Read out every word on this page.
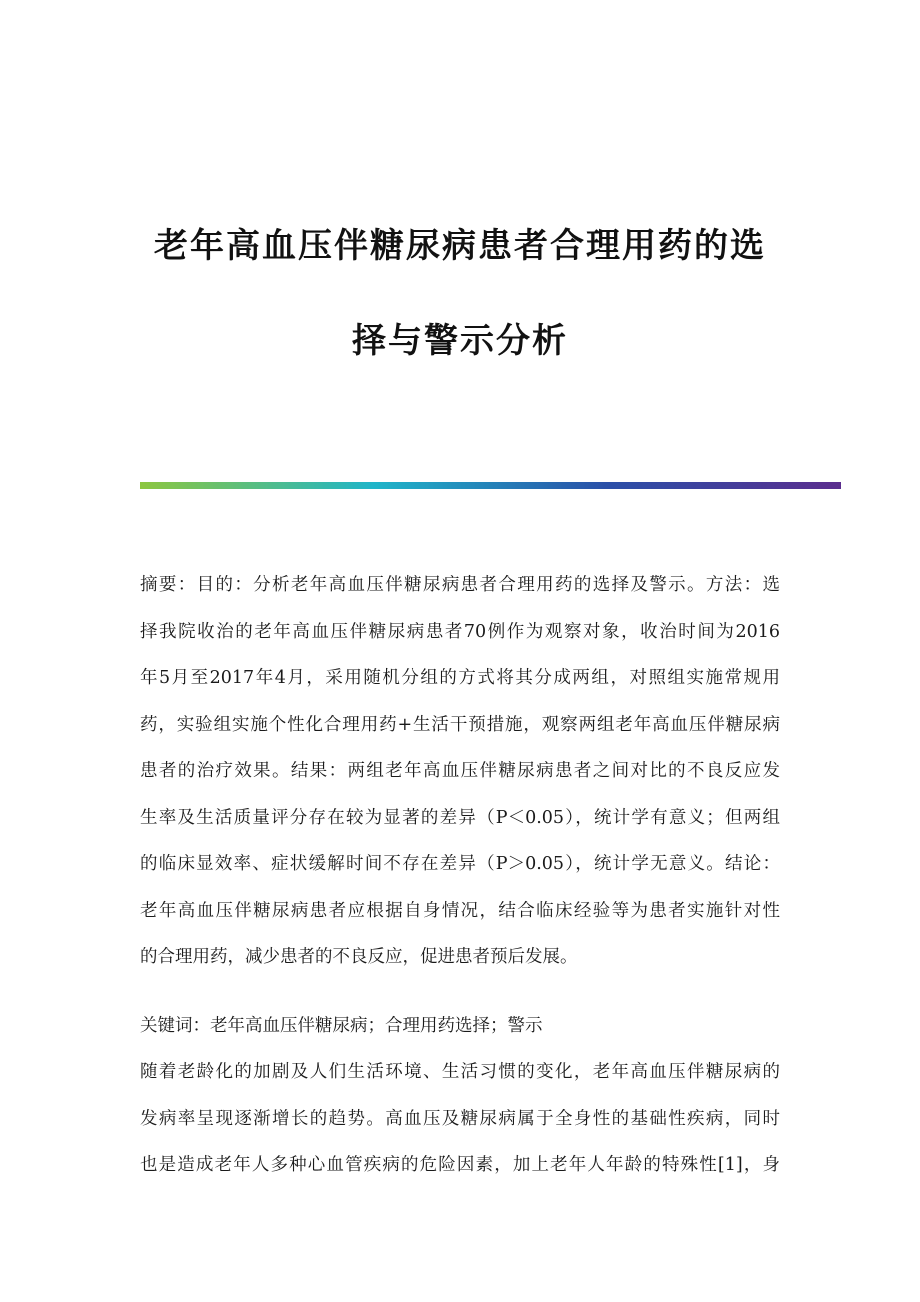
老年高血压伴糖尿病患者合理用药的选
择与警示分析
摘要：目的：分析老年高血压伴糖尿病患者合理用药的选择及警示。方法：选
择我院收治的老年高血压伴糖尿病患者70例作为观察对象，收治时间为2016
年5月至2017年4月，采用随机分组的方式将其分成两组，对照组实施常规用
药，实验组实施个性化合理用药+生活干预措施，观察两组老年高血压伴糖尿病
患者的治疗效果。结果：两组老年高血压伴糖尿病患者之间对比的不良反应发
生率及生活质量评分存在较为显著的差异（P＜0.05），统计学有意义；但两组
的临床显效率、症状缓解时间不存在差异（P＞0.05），统计学无意义。结论：
老年高血压伴糖尿病患者应根据自身情况，结合临床经验等为患者实施针对性
的合理用药，减少患者的不良反应，促进患者预后发展。
关键词：老年高血压伴糖尿病；合理用药选择；警示
随着老龄化的加剧及人们生活环境、生活习惯的变化，老年高血压伴糖尿病的
发病率呈现逐渐增长的趋势。高血压及糖尿病属于全身性的基础性疾病，同时
也是造成老年人多种心血管疾病的危险因素，加上老年人年龄的特殊性[1]，身
